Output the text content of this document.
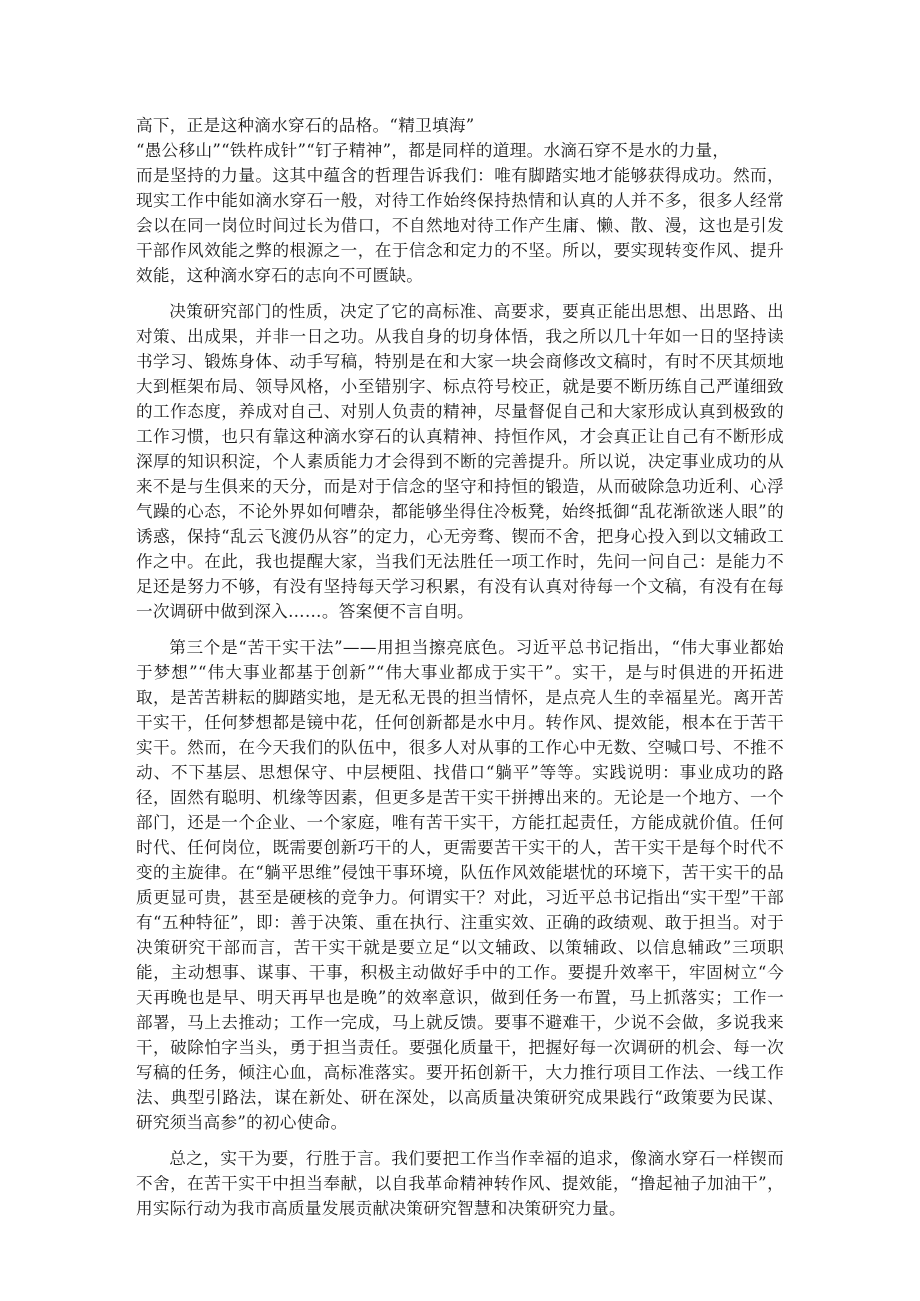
高下，正是这种滴水穿石的品格。“精卫填海”
“愚公移山”“铁杵成针”“钉子精神”，都是同样的道理。水滴石穿不是水的力量，

而是坚持的力量。这其中蕴含的哲理告诉我们：唯有脚踏实地才能够获得成功。然而，现实工作中能如滴水穿石一般，对待工作始终保持热情和认真的人并不多，很多人经常会以在同一岗位时间过长为借口，不自然地对待工作产生庸、懒、散、漫，这也是引发干部作风效能之弊的根源之一，在于信念和定力的不坚。所以，要实现转变作风、提升效能，这种滴水穿石的志向不可匮缺。

决策研究部门的性质，决定了它的高标准、高要求，要真正能出思想、出思路、出对策、出成果，并非一日之功。从我自身的切身体悟，我之所以几十年如一日的坚持读书学习、锻炼身体、动手写稿，特别是在和大家一块会商修改文稿时，有时不厌其烦地大到框架布局、领导风格，小至错别字、标点符号校正，就是要不断历练自己严谨细致的工作态度，养成对自己、对别人负责的精神，尽量督促自己和大家形成认真到极致的工作习惯，也只有靠这种滴水穿石的认真精神、持恒作风，才会真正让自己有不断形成深厚的知识积淀，个人素质能力才会得到不断的完善提升。所以说，决定事业成功的从来不是与生俱来的天分，而是对于信念的坚守和持恒的锻造，从而破除急功近利、心浮气躁的心态，不论外界如何嘈杂，都能够坐得住冷板凳，始终抵御“乱花渐欲迷人眼”的诱惑，保持“乱云飞渡仍从容”的定力，心无旁骛、锲而不舍，把身心投入到以文辅政工作之中。在此，我也提醒大家，当我们无法胜任一项工作时，先问一问自己：是能力不足还是努力不够，有没有坚持每天学习积累，有没有认真对待每一个文稿，有没有在每一次调研中做到深入……。答案便不言自明。

第三个是“苦干实干法”——用担当擦亮底色。习近平总书记指出，“伟大事业都始于梦想”“伟大事业都基于创新”“伟大事业都成于实干”。实干，是与时俱进的开拓进取，是苦苦耕耘的脚踏实地，是无私无畏的担当情怀，是点亮人生的幸福星光。离开苦干实干，任何梦想都是镜中花，任何创新都是水中月。转作风、提效能，根本在于苦干实干。然而，在今天我们的队伍中，很多人对从事的工作心中无数、空喊口号、不推不动、不下基层、思想保守、中层梗阻、找借口“躺平”等等。实践说明：事业成功的路径，固然有聪明、机缘等因素，但更多是苦干实干拼搏出来的。无论是一个地方、一个部门，还是一个企业、一个家庭，唯有苦干实干，方能扛起责任，方能成就价值。任何时代、任何岗位，既需要创新巧干的人，更需要苦干实干的人，苦干实干是每个时代不变的主旋律。在“躺平思维”侵蚀干事环境，队伍作风效能堪忧的环境下，苦干实干的品质更显可贵，甚至是硬核的竞争力。何谓实干？对此，习近平总书记指出“实干型”干部有“五种特征”，即：善于决策、重在执行、注重实效、正确的政绩观、敢于担当。对于决策研究干部而言，苦干实干就是要立足“以文辅政、以策辅政、以信息辅政”三项职能，主动想事、谋事、干事，积极主动做好手中的工作。要提升效率干，牢固树立“今天再晚也是早、明天再早也是晚”的效率意识，做到任务一布置，马上抓落实；工作一部署，马上去推动；工作一完成，马上就反馈。要事不避难干，少说不会做，多说我来干，破除怕字当头，勇于担当责任。要强化质量干，把握好每一次调研的机会、每一次写稿的任务，倾注心血，高标准落实。要开拓创新干，大力推行项目工作法、一线工作法、典型引路法，谋在新处、研在深处，以高质量决策研究成果践行“政策要为民谋、研究须当高参”的初心使命。

总之，实干为要，行胜于言。我们要把工作当作幸福的追求，像滴水穿石一样锲而不舍，在苦干实干中担当奉献，以自我革命精神转作风、提效能，“撸起袖子加油干”，用实际行动为我市高质量发展贡献决策研究智慧和决策研究力量。
